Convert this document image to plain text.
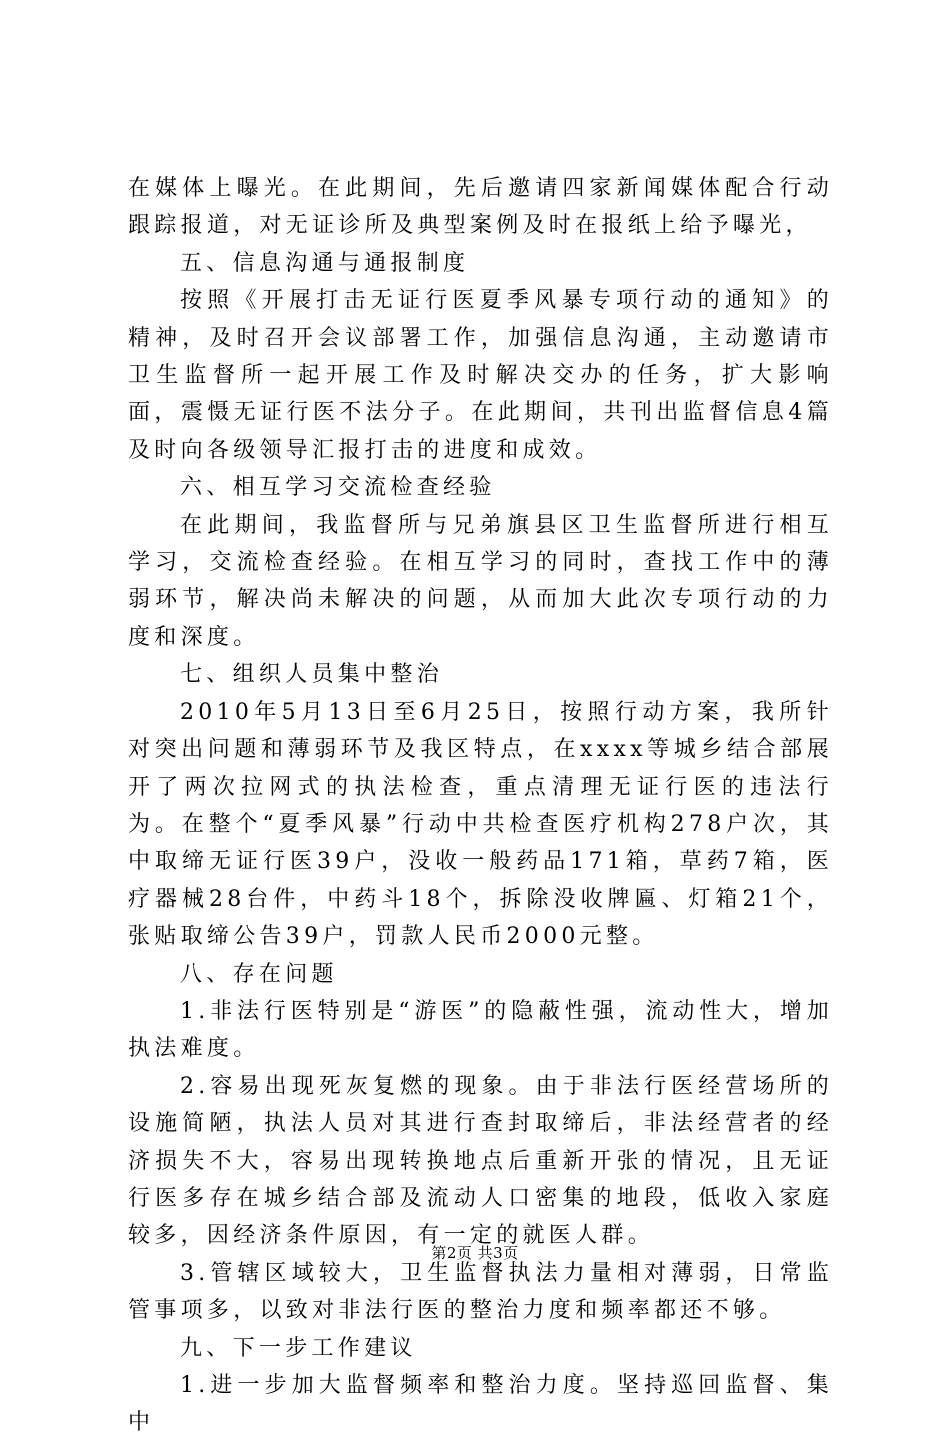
在媒体上曝光。在此期间，先后邀请四家新闻媒体配合行动跟踪报道，对无证诊所及典型案例及时在报纸上给予曝光，

五、信息沟通与通报制度

按照《开展打击无证行医夏季风暴专项行动的通知》的精神，及时召开会议部署工作，加强信息沟通，主动邀请市卫生监督所一起开展工作及时解决交办的任务，扩大影响面，震慑无证行医不法分子。在此期间，共刊出监督信息4篇及时向各级领导汇报打击的进度和成效。

六、相互学习交流检查经验

在此期间，我监督所与兄弟旗县区卫生监督所进行相互学习，交流检查经验。在相互学习的同时，查找工作中的薄弱环节，解决尚未解决的问题，从而加大此次专项行动的力度和深度。

七、组织人员集中整治

2010年5月13日至6月25日，按照行动方案，我所针对突出问题和薄弱环节及我区特点，在xxxx等城乡结合部展开了两次拉网式的执法检查，重点清理无证行医的违法行为。在整个“夏季风暴”行动中共检查医疗机构278户次，其中取缔无证行医39户，没收一般药品171箱，草药7箱，医疗器械28台件，中药斗18个，拆除没收牌匾、灯箱21个，张贴取缔公告39户，罚款人民币2000元整。

八、存在问题

1.非法行医特别是“游医”的隐蔽性强，流动性大，增加执法难度。

2.容易出现死灰复燃的现象。由于非法行医经营场所的设施简陋，执法人员对其进行查封取缔后，非法经营者的经济损失不大，容易出现转换地点后重新开张的情况，且无证行医多存在城乡结合部及流动人口密集的地段，低收入家庭较多，因经济条件原因，有一定的就医人群。

3.管辖区域较大，卫生监督执法力量相对薄弱，日常监管事项多，以致对非法行医的整治力度和频率都还不够。

九、下一步工作建议

1.进一步加大监督频率和整治力度。坚持巡回监督、集中

第2页 共3页
